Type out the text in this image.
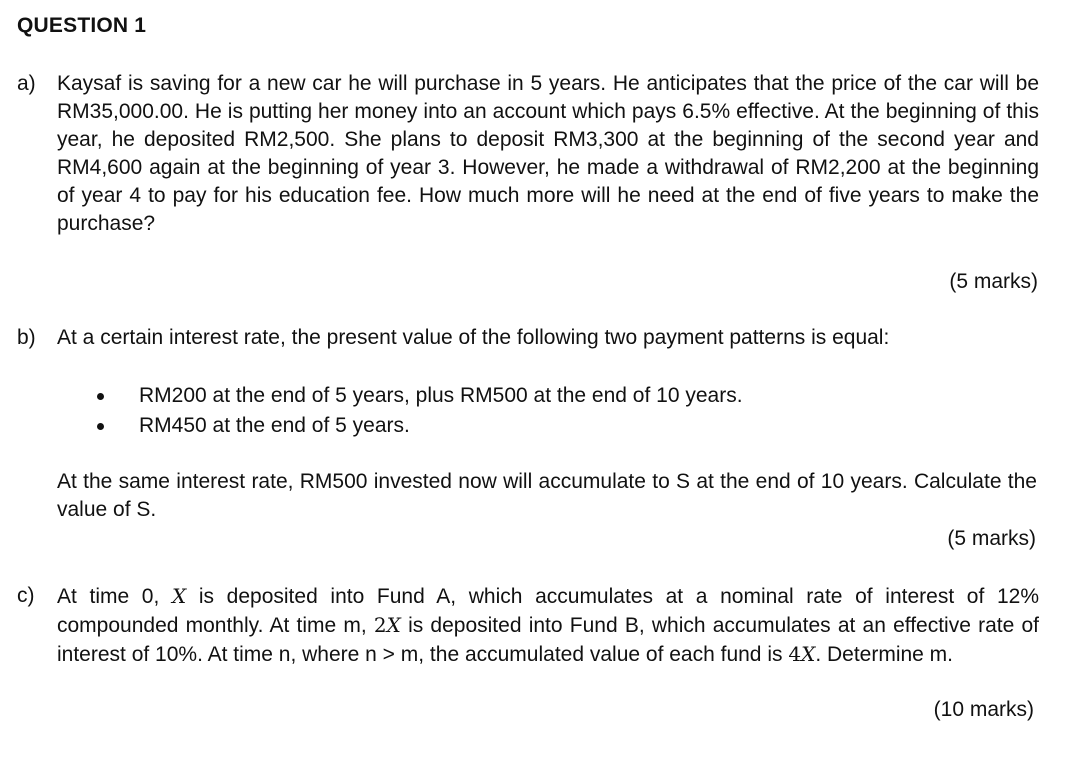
QUESTION 1
a) Kaysaf is saving for a new car he will purchase in 5 years. He anticipates that the price of the car will be RM35,000.00. He is putting her money into an account which pays 6.5% effective. At the beginning of this year, he deposited RM2,500. She plans to deposit RM3,300 at the beginning of the second year and RM4,600 again at the beginning of year 3. However, he made a withdrawal of RM2,200 at the beginning of year 4 to pay for his education fee. How much more will he need at the end of five years to make the purchase?
(5 marks)
b) At a certain interest rate, the present value of the following two payment patterns is equal:
RM200 at the end of 5 years, plus RM500 at the end of 10 years.
RM450 at the end of 5 years.
At the same interest rate, RM500 invested now will accumulate to S at the end of 10 years. Calculate the value of S.
(5 marks)
c) At time 0, X is deposited into Fund A, which accumulates at a nominal rate of interest of 12% compounded monthly. At time m, 2X is deposited into Fund B, which accumulates at an effective rate of interest of 10%. At time n, where n > m, the accumulated value of each fund is 4X. Determine m.
(10 marks)
